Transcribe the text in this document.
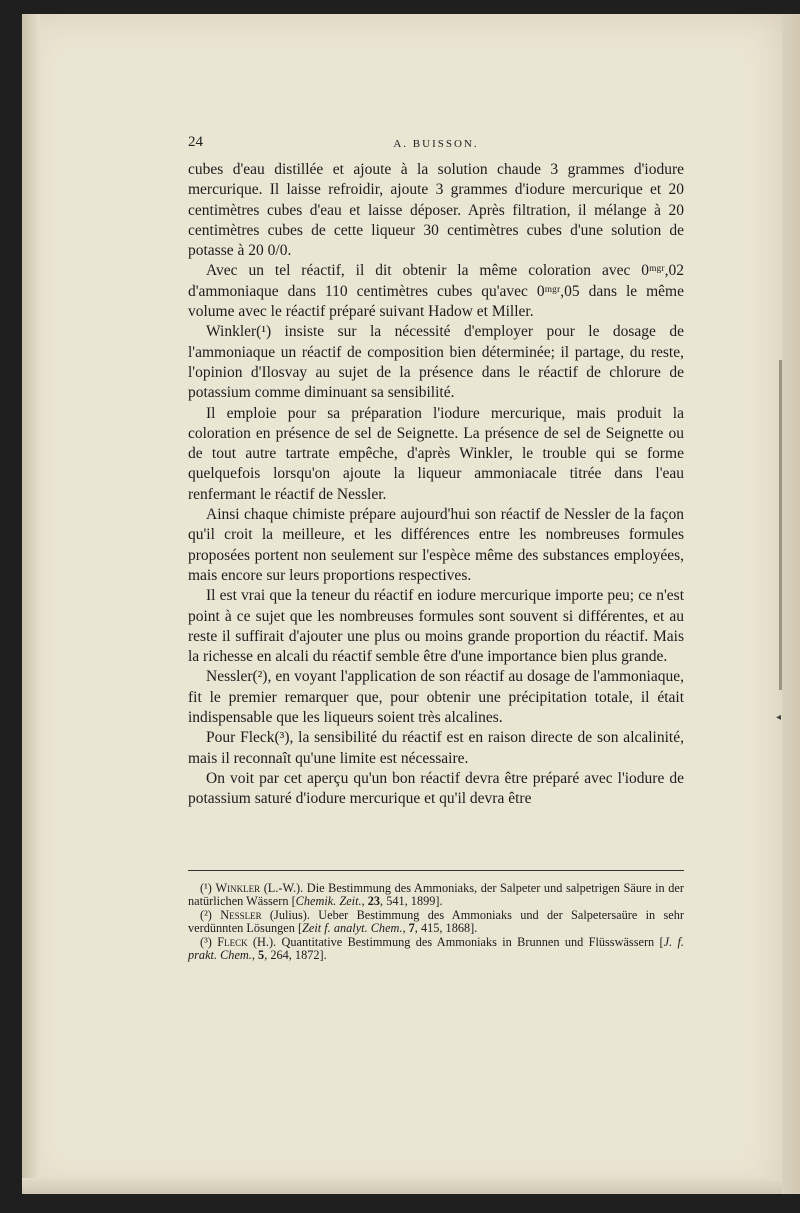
◂
24	A. BUISSON.

cubes d'eau distillée et ajoute à la solution chaude 3 grammes d'iodure mercurique. Il laisse refroidir, ajoute 3 grammes d'iodure mercurique et 20 centimètres cubes d'eau et laisse déposer. Après filtration, il mélange à 20 centimètres cubes de cette liqueur 30 centimètres cubes d'une solution de potasse à 20 0/0.

Avec un tel réactif, il dit obtenir la même coloration avec 0ᵐᵍʳ,02 d'ammoniaque dans 110 centimètres cubes qu'avec 0ᵐᵍʳ,05 dans le même volume avec le réactif préparé suivant Hadow et Miller.

Winkler(¹) insiste sur la nécessité d'employer pour le dosage de l'ammoniaque un réactif de composition bien déterminée; il partage, du reste, l'opinion d'Ilosvay au sujet de la présence dans le réactif de chlorure de potassium comme diminuant sa sensibilité.

Il emploie pour sa préparation l'iodure mercurique, mais produit la coloration en présence de sel de Seignette. La présence de sel de Seignette ou de tout autre tartrate empêche, d'après Winkler, le trouble qui se forme quelquefois lorsqu'on ajoute la liqueur ammoniacale titrée dans l'eau renfermant le réactif de Nessler.

Ainsi chaque chimiste prépare aujourd'hui son réactif de Nessler de la façon qu'il croit la meilleure, et les différences entre les nombreuses formules proposées portent non seulement sur l'espèce même des substances employées, mais encore sur leurs proportions respectives.

Il est vrai que la teneur du réactif en iodure mercurique importe peu; ce n'est point à ce sujet que les nombreuses formules sont souvent si différentes, et au reste il suffirait d'ajouter une plus ou moins grande proportion du réactif. Mais la richesse en alcali du réactif semble être d'une importance bien plus grande.

Nessler(²), en voyant l'application de son réactif au dosage de l'ammoniaque, fit le premier remarquer que, pour obtenir une précipitation totale, il était indispensable que les liqueurs soient très alcalines.

Pour Fleck(³), la sensibilité du réactif est en raison directe de son alcalinité, mais il reconnaît qu'une limite est nécessaire.

On voit par cet aperçu qu'un bon réactif devra être préparé avec l'iodure de potassium saturé d'iodure mercurique et qu'il devra être

(¹) Winkler (L.-W.). Die Bestimmung des Ammoniaks, der Salpeter und salpetrigen Säure in der natürlichen Wässern [Chemik. Zeit., 23, 541, 1899].

(²) Nessler (Julius). Ueber Bestimmung des Ammoniaks und der Salpetersaüre in sehr verdünnten Lösungen [Zeit f. analyt. Chem., 7, 415, 1868].

(³) Fleck (H.). Quantitative Bestimmung des Ammoniaks in Brunnen und Flüsswässern [J. f. prakt. Chem., 5, 264, 1872].
